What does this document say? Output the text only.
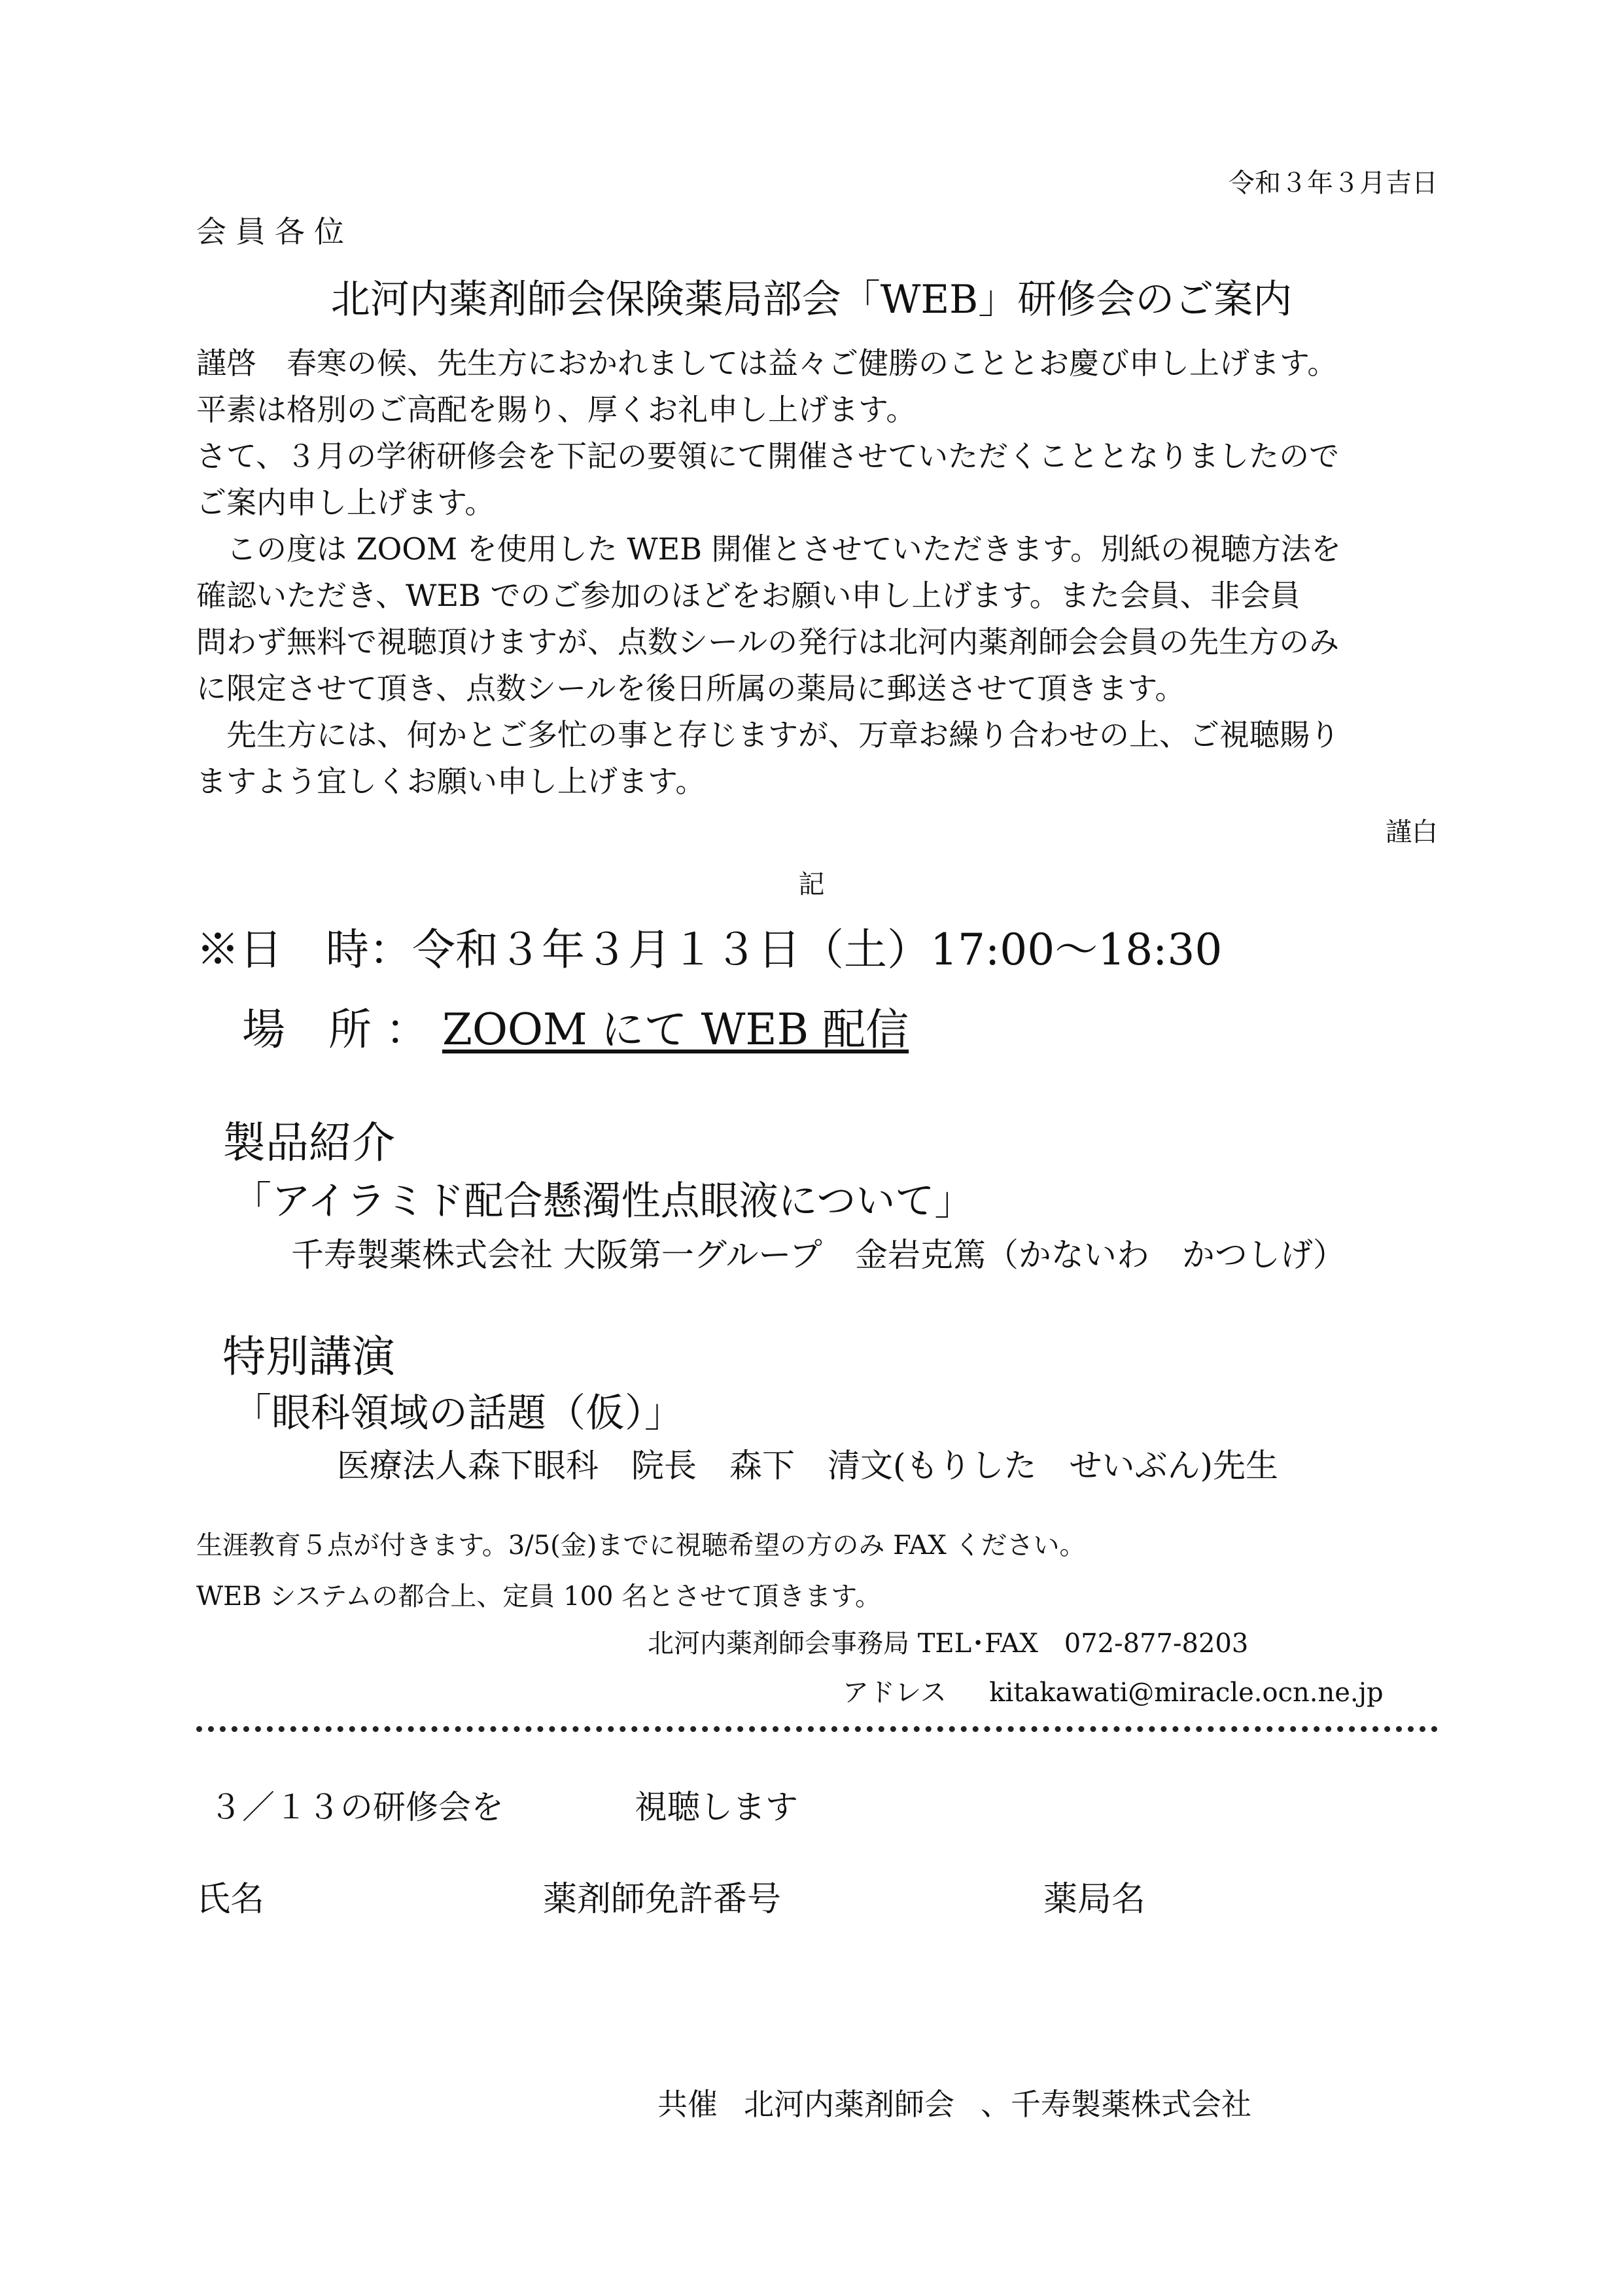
令和３年３月吉日
会員各位
北河内薬剤師会保険薬局部会「WEB」研修会のご案内

謹啓　春寒の候、先生方におかれましては益々ご健勝のこととお慶び申し上げます。

平素は格別のご高配を賜り、厚くお礼申し上げます。

さて、３月の学術研修会を下記の要領にて開催させていただくこととなりましたので

ご案内申し上げます。

この度は ZOOM を使用した WEB 開催とさせていただきます。別紙の視聴方法を

確認いただき、WEB でのご参加のほどをお願い申し上げます。また会員、非会員

問わず無料で視聴頂けますが、点数シールの発行は北河内薬剤師会会員の先生方のみ

に限定させて頂き、点数シールを後日所属の薬局に郵送させて頂きます。

先生方には、何かとご多忙の事と存じますが、万章お繰り合わせの上、ご視聴賜り

ますよう宜しくお願い申し上げます。

謹白
記
※日　時：令和３年３月１３日（土）17:00～18:30
場　所 ： ZOOM にて WEB 配信
製品紹介
「アイラミド配合懸濁性点眼液について」
千寿製薬株式会社 大阪第一グループ　金岩克篤（かないわ　かつしげ）
特別講演
「眼科領域の話題（仮）」
医療法人森下眼科　院長　森下　清文(もりした　せいぶん)先生
生涯教育５点が付きます。3/5(金)までに視聴希望の方のみ FAX ください。
WEB システムの都合上、定員 100 名とさせて頂きます。
北河内薬剤師会事務局 TEL･FAX　072-877-8203
アドレス kitakawati@miracle.ocn.ne.jp
３／１３の研修会を	視聴します
氏名	薬剤師免許番号	薬局名
共催 北河内薬剤師会 、千寿製薬株式会社
